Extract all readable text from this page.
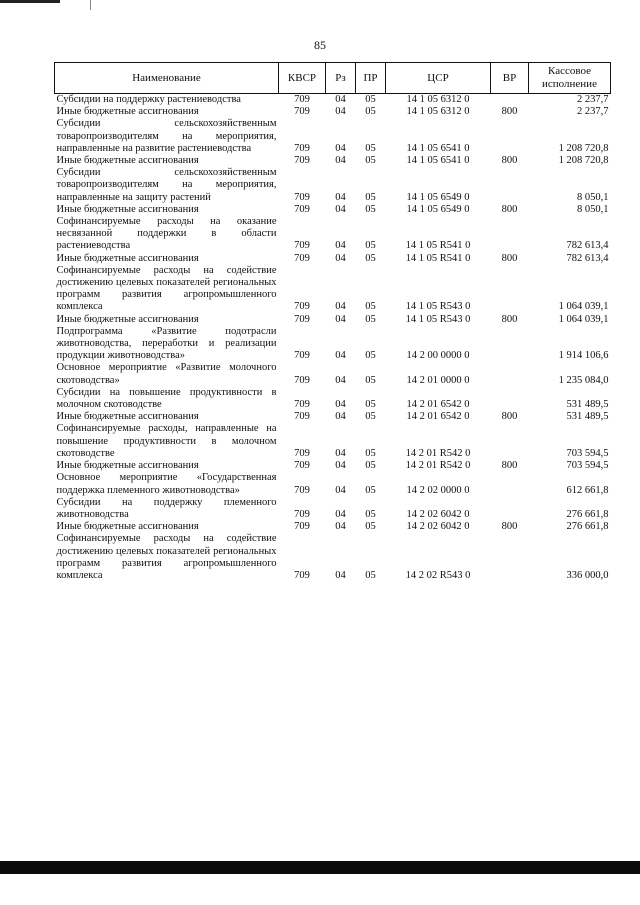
85
Наименование	КВСР	Рз	ПР	ЦСР	ВР	Кассовое исполнение
Субсидии на поддержку растениеводства	709	04	05	14 1 05 6312 0		2 237,7
Иные бюджетные ассигнования	709	04	05	14 1 05 6312 0	800	2 237,7
Субсидии сельскохозяйственным товаропроизводителям на мероприятия, направленные на развитие растениеводства	709	04	05	14 1 05 6541 0		1 208 720,8
Иные бюджетные ассигнования	709	04	05	14 1 05 6541 0	800	1 208 720,8
Субсидии сельскохозяйственным товаропроизводителям на мероприятия, направленные на защиту растений	709	04	05	14 1 05 6549 0		8 050,1
Иные бюджетные ассигнования	709	04	05	14 1 05 6549 0	800	8 050,1
Софинансируемые расходы на оказание несвязанной поддержки в области растениеводства	709	04	05	14 1 05 R541 0		782 613,4
Иные бюджетные ассигнования	709	04	05	14 1 05 R541 0	800	782 613,4
Софинансируемые расходы на содействие достижению целевых показателей региональных программ развития агропромышленного комплекса	709	04	05	14 1 05 R543 0		1 064 039,1
Иные бюджетные ассигнования	709	04	05	14 1 05 R543 0	800	1 064 039,1
Подпрограмма «Развитие подотрасли животноводства, переработки и реализации продукции животноводства»	709	04	05	14 2 00 0000 0		1 914 106,6
Основное мероприятие «Развитие молочного скотоводства»	709	04	05	14 2 01 0000 0		1 235 084,0
Субсидии на повышение продуктивности в молочном скотоводстве	709	04	05	14 2 01 6542 0		531 489,5
Иные бюджетные ассигнования	709	04	05	14 2 01 6542 0	800	531 489,5
Софинансируемые расходы, направленные на повышение продуктивности в молочном скотоводстве	709	04	05	14 2 01 R542 0		703 594,5
Иные бюджетные ассигнования	709	04	05	14 2 01 R542 0	800	703 594,5
Основное мероприятие «Государственная поддержка племенного животноводства»	709	04	05	14 2 02 0000 0		612 661,8
Субсидии на поддержку племенного животноводства	709	04	05	14 2 02 6042 0		276 661,8
Иные бюджетные ассигнования	709	04	05	14 2 02 6042 0	800	276 661,8
Софинансируемые расходы на содействие достижению целевых показателей региональных программ развития агропромышленного комплекса	709	04	05	14 2 02 R543 0		336 000,0
